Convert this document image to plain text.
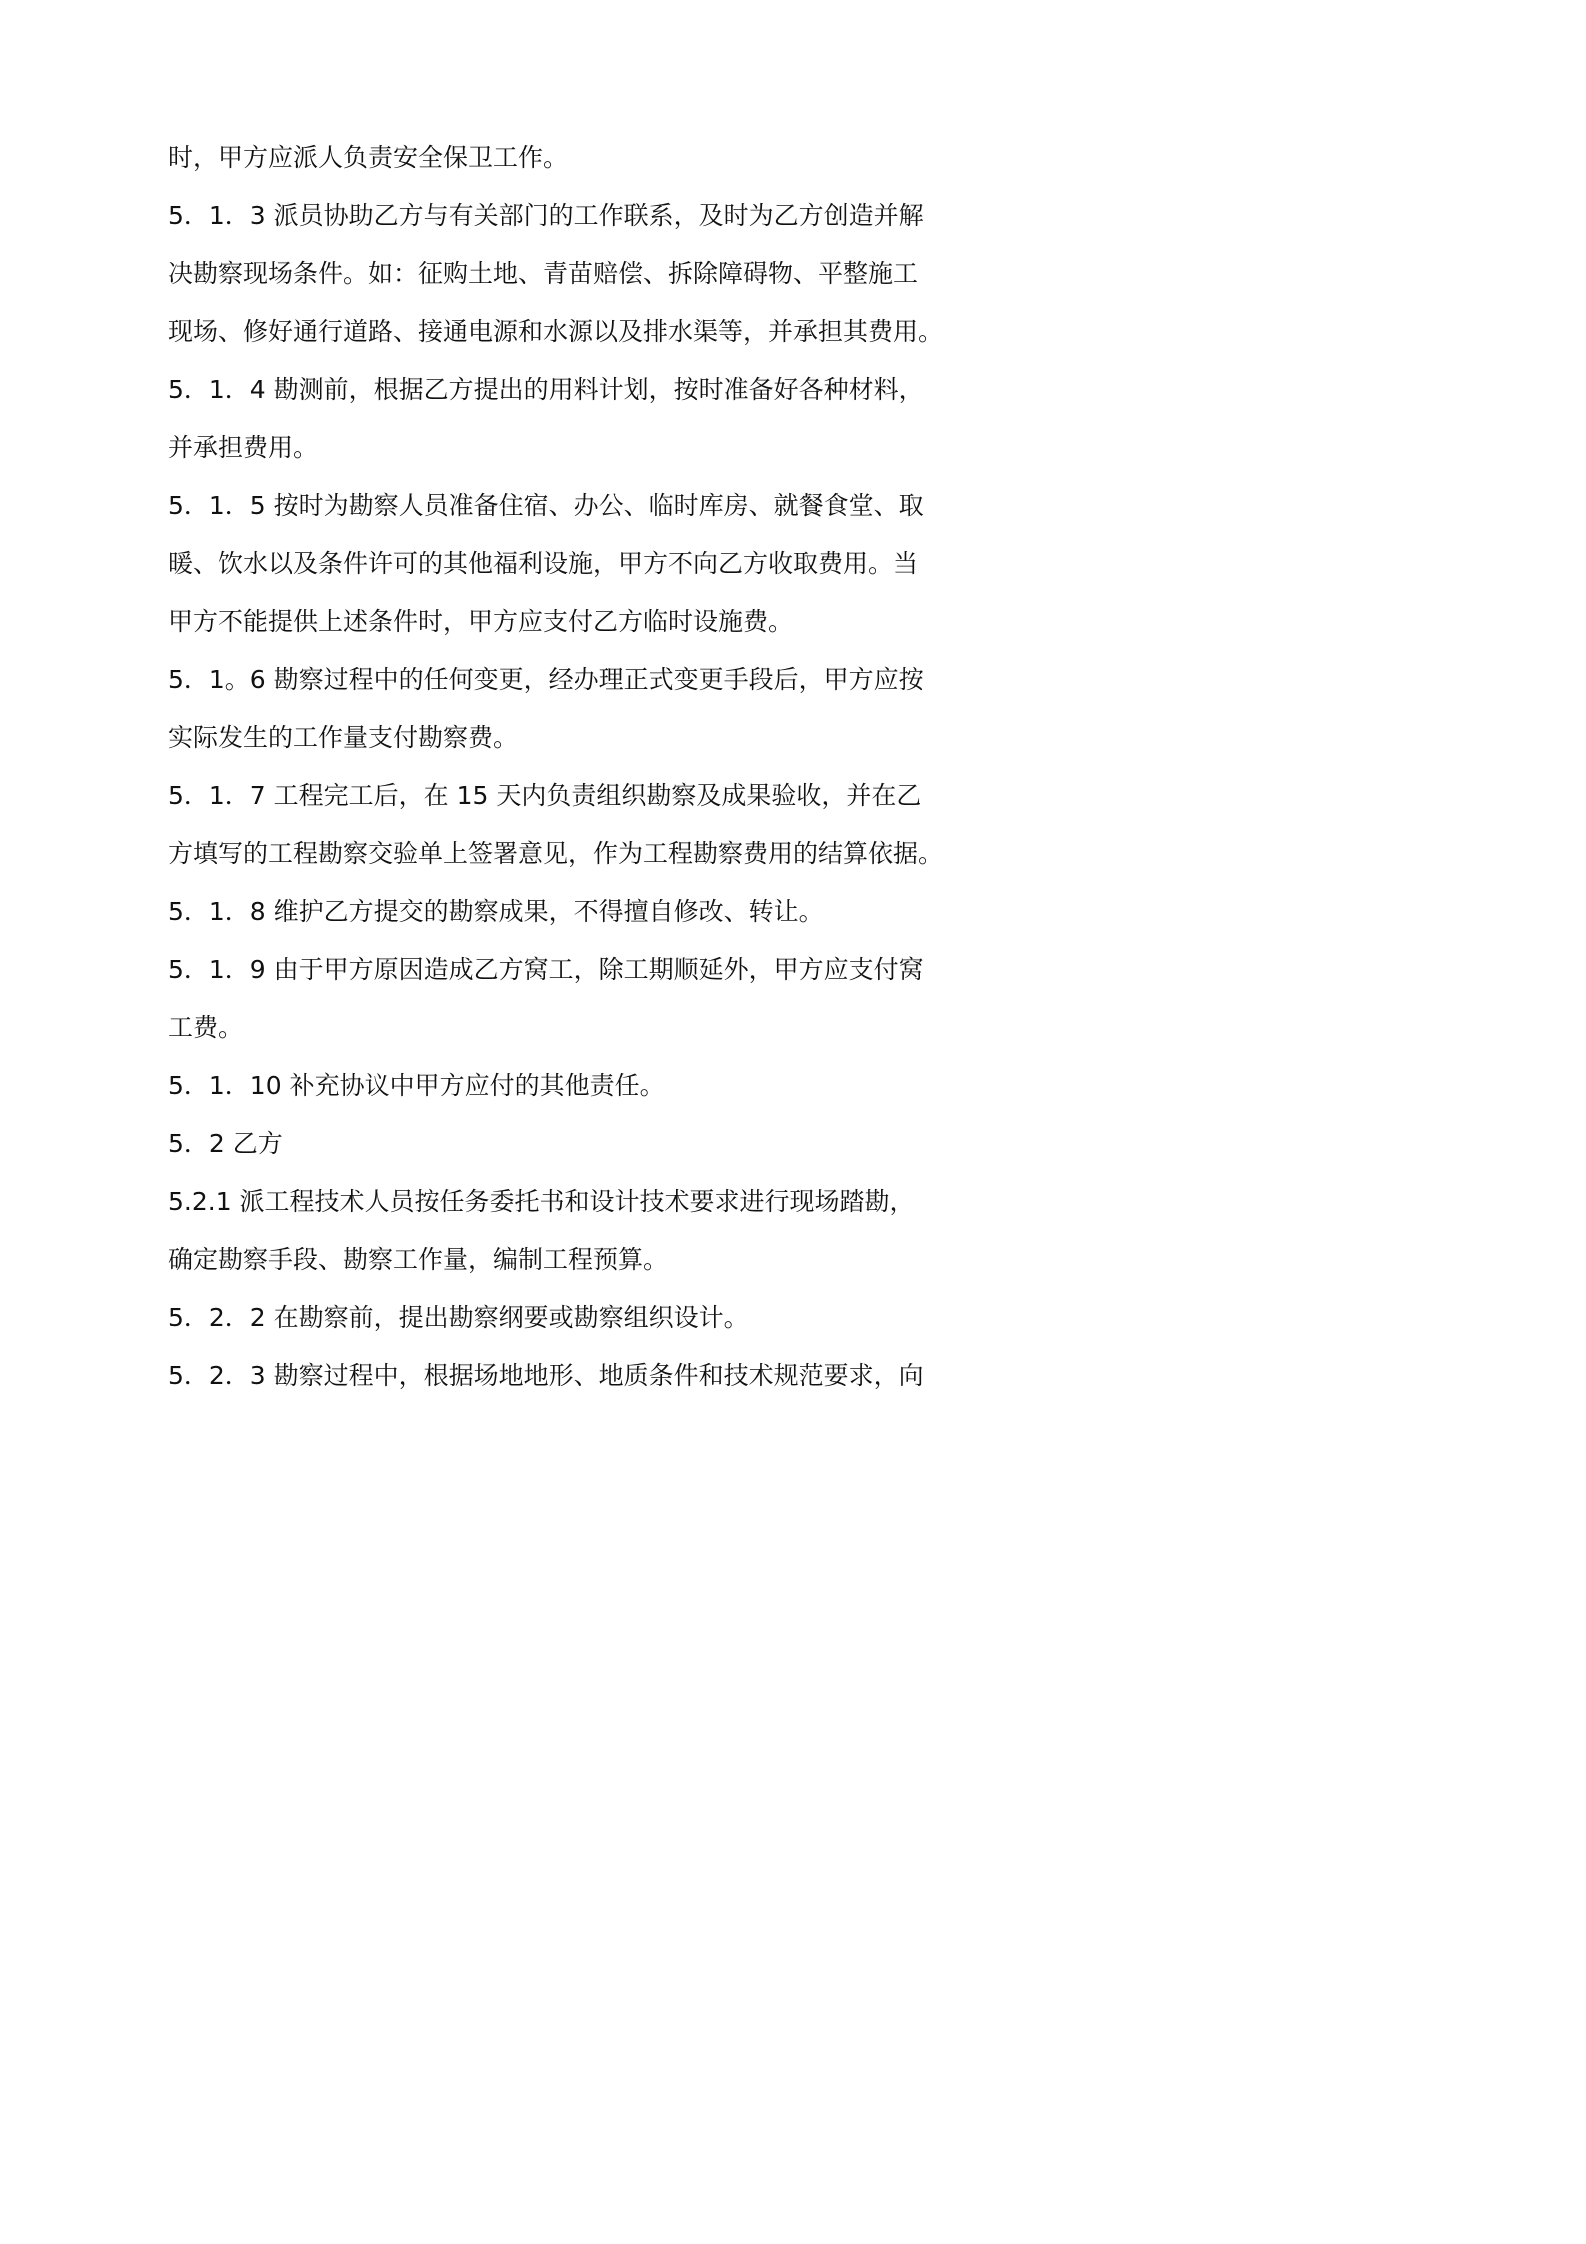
时，甲方应派人负责安全保卫工作。

5．1．3 派员协助乙方与有关部门的工作联系，及时为乙方创造并解

决勘察现场条件。如：征购土地、青苗赔偿、拆除障碍物、平整施工

现场、修好通行道路、接通电源和水源以及排水渠等，并承担其费用。

5．1．4 勘测前，根据乙方提出的用料计划，按时准备好各种材料，

并承担费用。

5．1．5 按时为勘察人员准备住宿、办公、临时库房、就餐食堂、取

暖、饮水以及条件许可的其他福利设施，甲方不向乙方收取费用。当

甲方不能提供上述条件时，甲方应支付乙方临时设施费。

5．1。6 勘察过程中的任何变更，经办理正式变更手段后，甲方应按

实际发生的工作量支付勘察费。

5．1．7 工程完工后，在 15 天内负责组织勘察及成果验收，并在乙

方填写的工程勘察交验单上签署意见，作为工程勘察费用的结算依据。

5．1．8 维护乙方提交的勘察成果，不得擅自修改、转让。

5．1．9 由于甲方原因造成乙方窝工，除工期顺延外，甲方应支付窝

工费。

5．1．10 补充协议中甲方应付的其他责任。

5．2 乙方

5.2.1 派工程技术人员按任务委托书和设计技术要求进行现场踏勘，

确定勘察手段、勘察工作量，编制工程预算。

5．2．2 在勘察前，提出勘察纲要或勘察组织设计。

5．2．3 勘察过程中，根据场地地形、地质条件和技术规范要求，向
